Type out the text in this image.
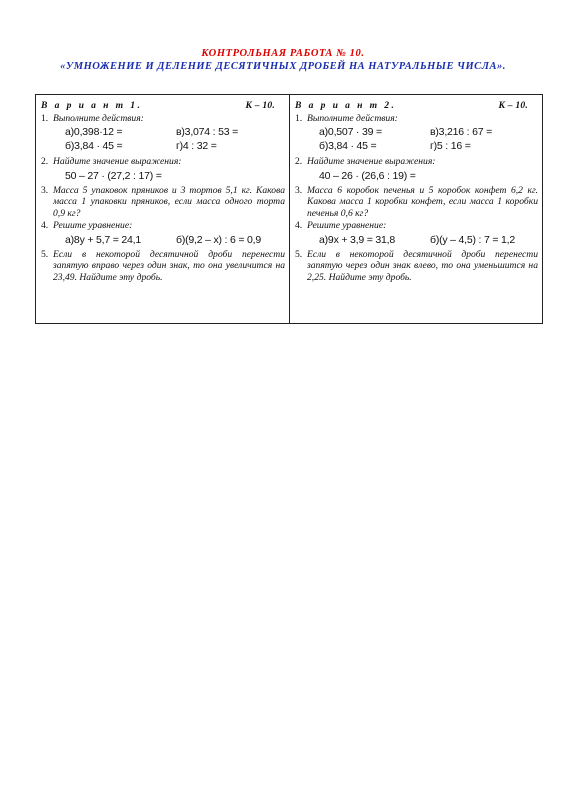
КОНТРОЛЬНАЯ РАБОТА № 10.
«УМНОЖЕНИЕ И ДЕЛЕНИЕ ДЕСЯТИЧНЫХ ДРОБЕЙ НА НАТУРАЛЬНЫЕ ЧИСЛА».
В а р и а н т 1.	К – 10.
1. Выполните действия:
а)0,398·12 =	в)3,074 : 53 =
б)3,84 · 45 =	г)4 : 32 =
2. Найдите значение выражения:
50 – 27 · (27,2 : 17) =
3. Масса 5 упаковок пряников и 3 тортов 5,1 кг. Какова масса 1 упаковки пряников, если масса одного торта 0,9 кг?
4. Решите уравнение:
а)8y + 5,7 = 24,1	б)(9,2 – x) : 6 = 0,9
5. Если в некоторой десятичной дроби перенести запятую вправо через один знак, то она увеличится на 23,49. Найдите эту дробь.
В а р и а н т 2.	К – 10.
1. Выполните действия:
а)0,507 · 39 =	в)3,216 : 67 =
б)3,84 · 45 =	г)5 : 16 =
2. Найдите значение выражения:
40 – 26 · (26,6 : 19) =
3. Масса 6 коробок печенья и 5 коробок конфет 6,2 кг. Какова масса 1 коробки конфет, если масса 1 коробки печенья 0,6 кг?
4. Решите уравнение:
а)9x + 3,9 = 31,8	б)(y – 4,5) : 7 = 1,2
5. Если в некоторой десятичной дроби перенести запятую через один знак влево, то она уменьшится на 2,25. Найдите эту дробь.
